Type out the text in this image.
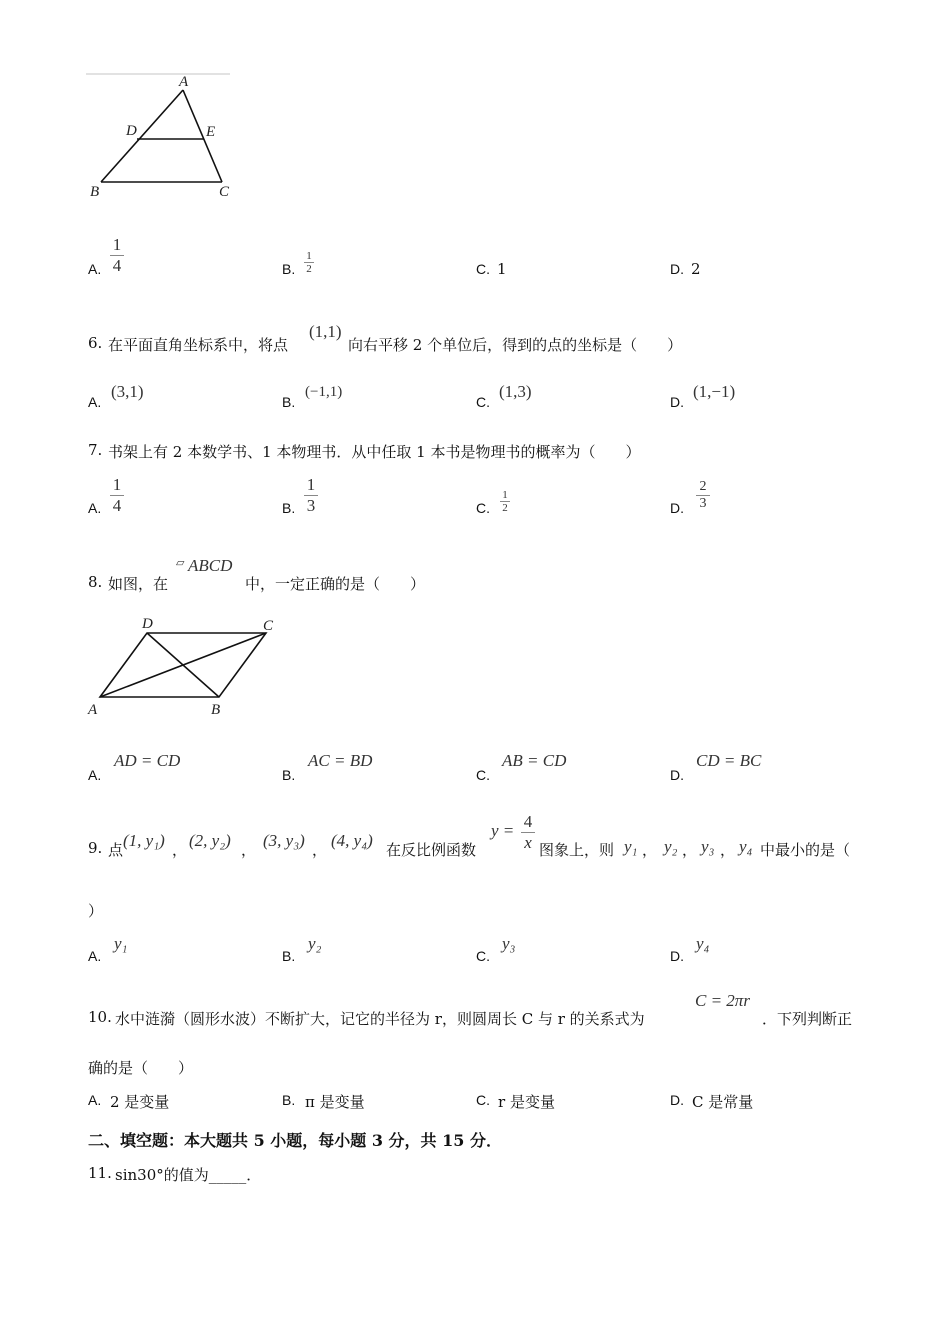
A
D	E
B	C
A.
1
4	B.
1
2	C. 1	D. 2
6. 在平面直角坐标系中，将点
(1,1)
向右平移 2 个单位后，得到的点的坐标是（　　）
A.
(3,1)
B.
(−1,1)
C.
(1,3)
D.
(1,−1)
7. 书架上有 2 本数学书、1 本物理书．从中任取 1 本书是物理书的概率为（　　）
A.
1
4	B.
1
3	C.
1
2	D.
2
3
8. 如图，在
▱ ABCD
中，一定正确的是（　　）
D	C
A	B
A.
AD = CD
B.
AC = BD
C.
AB = CD
D.
CD = BC
9. 点 (1, y₁) ， (2, y₂) ， (3, y₃) ， (4, y₄) 在反比例函数
y = 4
x 图象上，则 y₁ ， y₂ ， y₃ ， y₄ 中最小的是（
）
A.
y₁
B.
y₂
C.
y₃
D.
y₄
10. 水中涟漪（圆形水波）不断扩大，记它的半径为 r，则圆周长 C 与 r 的关系式为
C = 2πr
．下列判断正
确的是（　　）
A. 2 是变量	B. π 是变量	C. r 是变量	D. C 是常量
二、填空题：本大题共 5 小题，每小题 3 分，共 15 分．
11. sin30°的值为_____．
